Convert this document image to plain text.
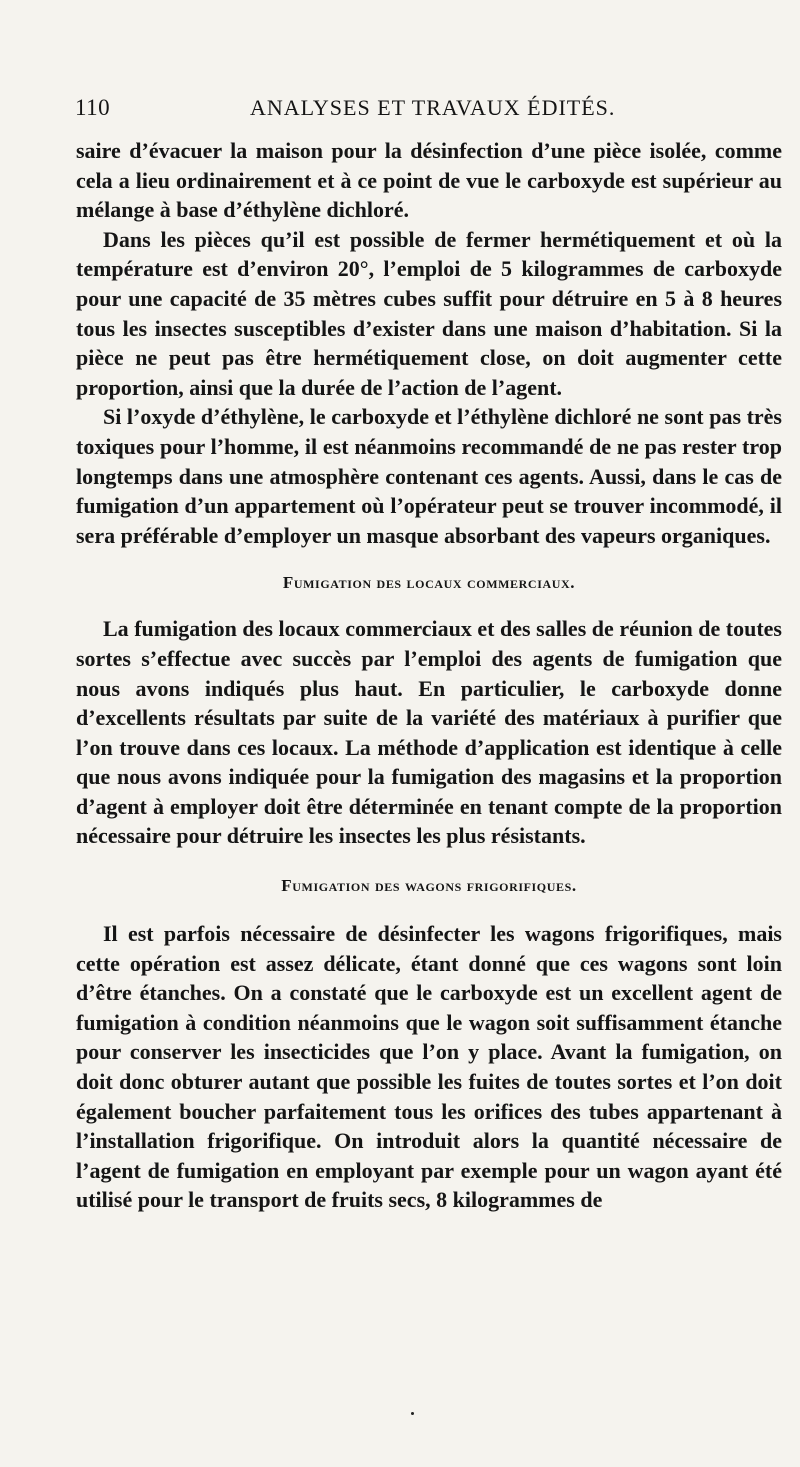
110	ANALYSES ET TRAVAUX ÉDITÉS.

saire d’évacuer la maison pour la désinfection d’une pièce isolée, comme cela a lieu ordinairement et à ce point de vue le carboxyde est supérieur au mélange à base d’éthylène dichloré.

Dans les pièces qu’il est possible de fermer hermétiquement et où la température est d’environ 20°, l’emploi de 5 kilogrammes de carboxyde pour une capacité de 35 mètres cubes suffit pour détruire en 5 à 8 heures tous les insectes susceptibles d’exister dans une maison d’habitation. Si la pièce ne peut pas être hermétiquement close, on doit augmenter cette proportion, ainsi que la durée de l’action de l’agent.

Si l’oxyde d’éthylène, le carboxyde et l’éthylène dichloré ne sont pas très toxiques pour l’homme, il est néanmoins recommandé de ne pas rester trop longtemps dans une atmosphère contenant ces agents. Aussi, dans le cas de fumigation d’un appartement où l’opérateur peut se trouver incommodé, il sera préférable d’employer un masque absorbant des vapeurs organiques.

Fumigation des locaux commerciaux.

La fumigation des locaux commerciaux et des salles de réunion de toutes sortes s’effectue avec succès par l’emploi des agents de fumigation que nous avons indiqués plus haut. En particulier, le carboxyde donne d’excellents résultats par suite de la variété des matériaux à purifier que l’on trouve dans ces locaux. La méthode d’application est identique à celle que nous avons indiquée pour la fumigation des magasins et la proportion d’agent à employer doit être déterminée en tenant compte de la proportion nécessaire pour détruire les insectes les plus résistants.

Fumigation des wagons frigorifiques.

Il est parfois nécessaire de désinfecter les wagons frigorifiques, mais cette opération est assez délicate, étant donné que ces wagons sont loin d’être étanches. On a constaté que le carboxyde est un excellent agent de fumigation à condition néanmoins que le wagon soit suffisamment étanche pour conserver les insecticides que l’on y place. Avant la fumigation, on doit donc obturer autant que possible les fuites de toutes sortes et l’on doit également boucher parfaitement tous les orifices des tubes appartenant à l’installation frigorifique. On introduit alors la quantité nécessaire de l’agent de fumigation en employant par exemple pour un wagon ayant été utilisé pour le transport de fruits secs, 8 kilogrammes de
